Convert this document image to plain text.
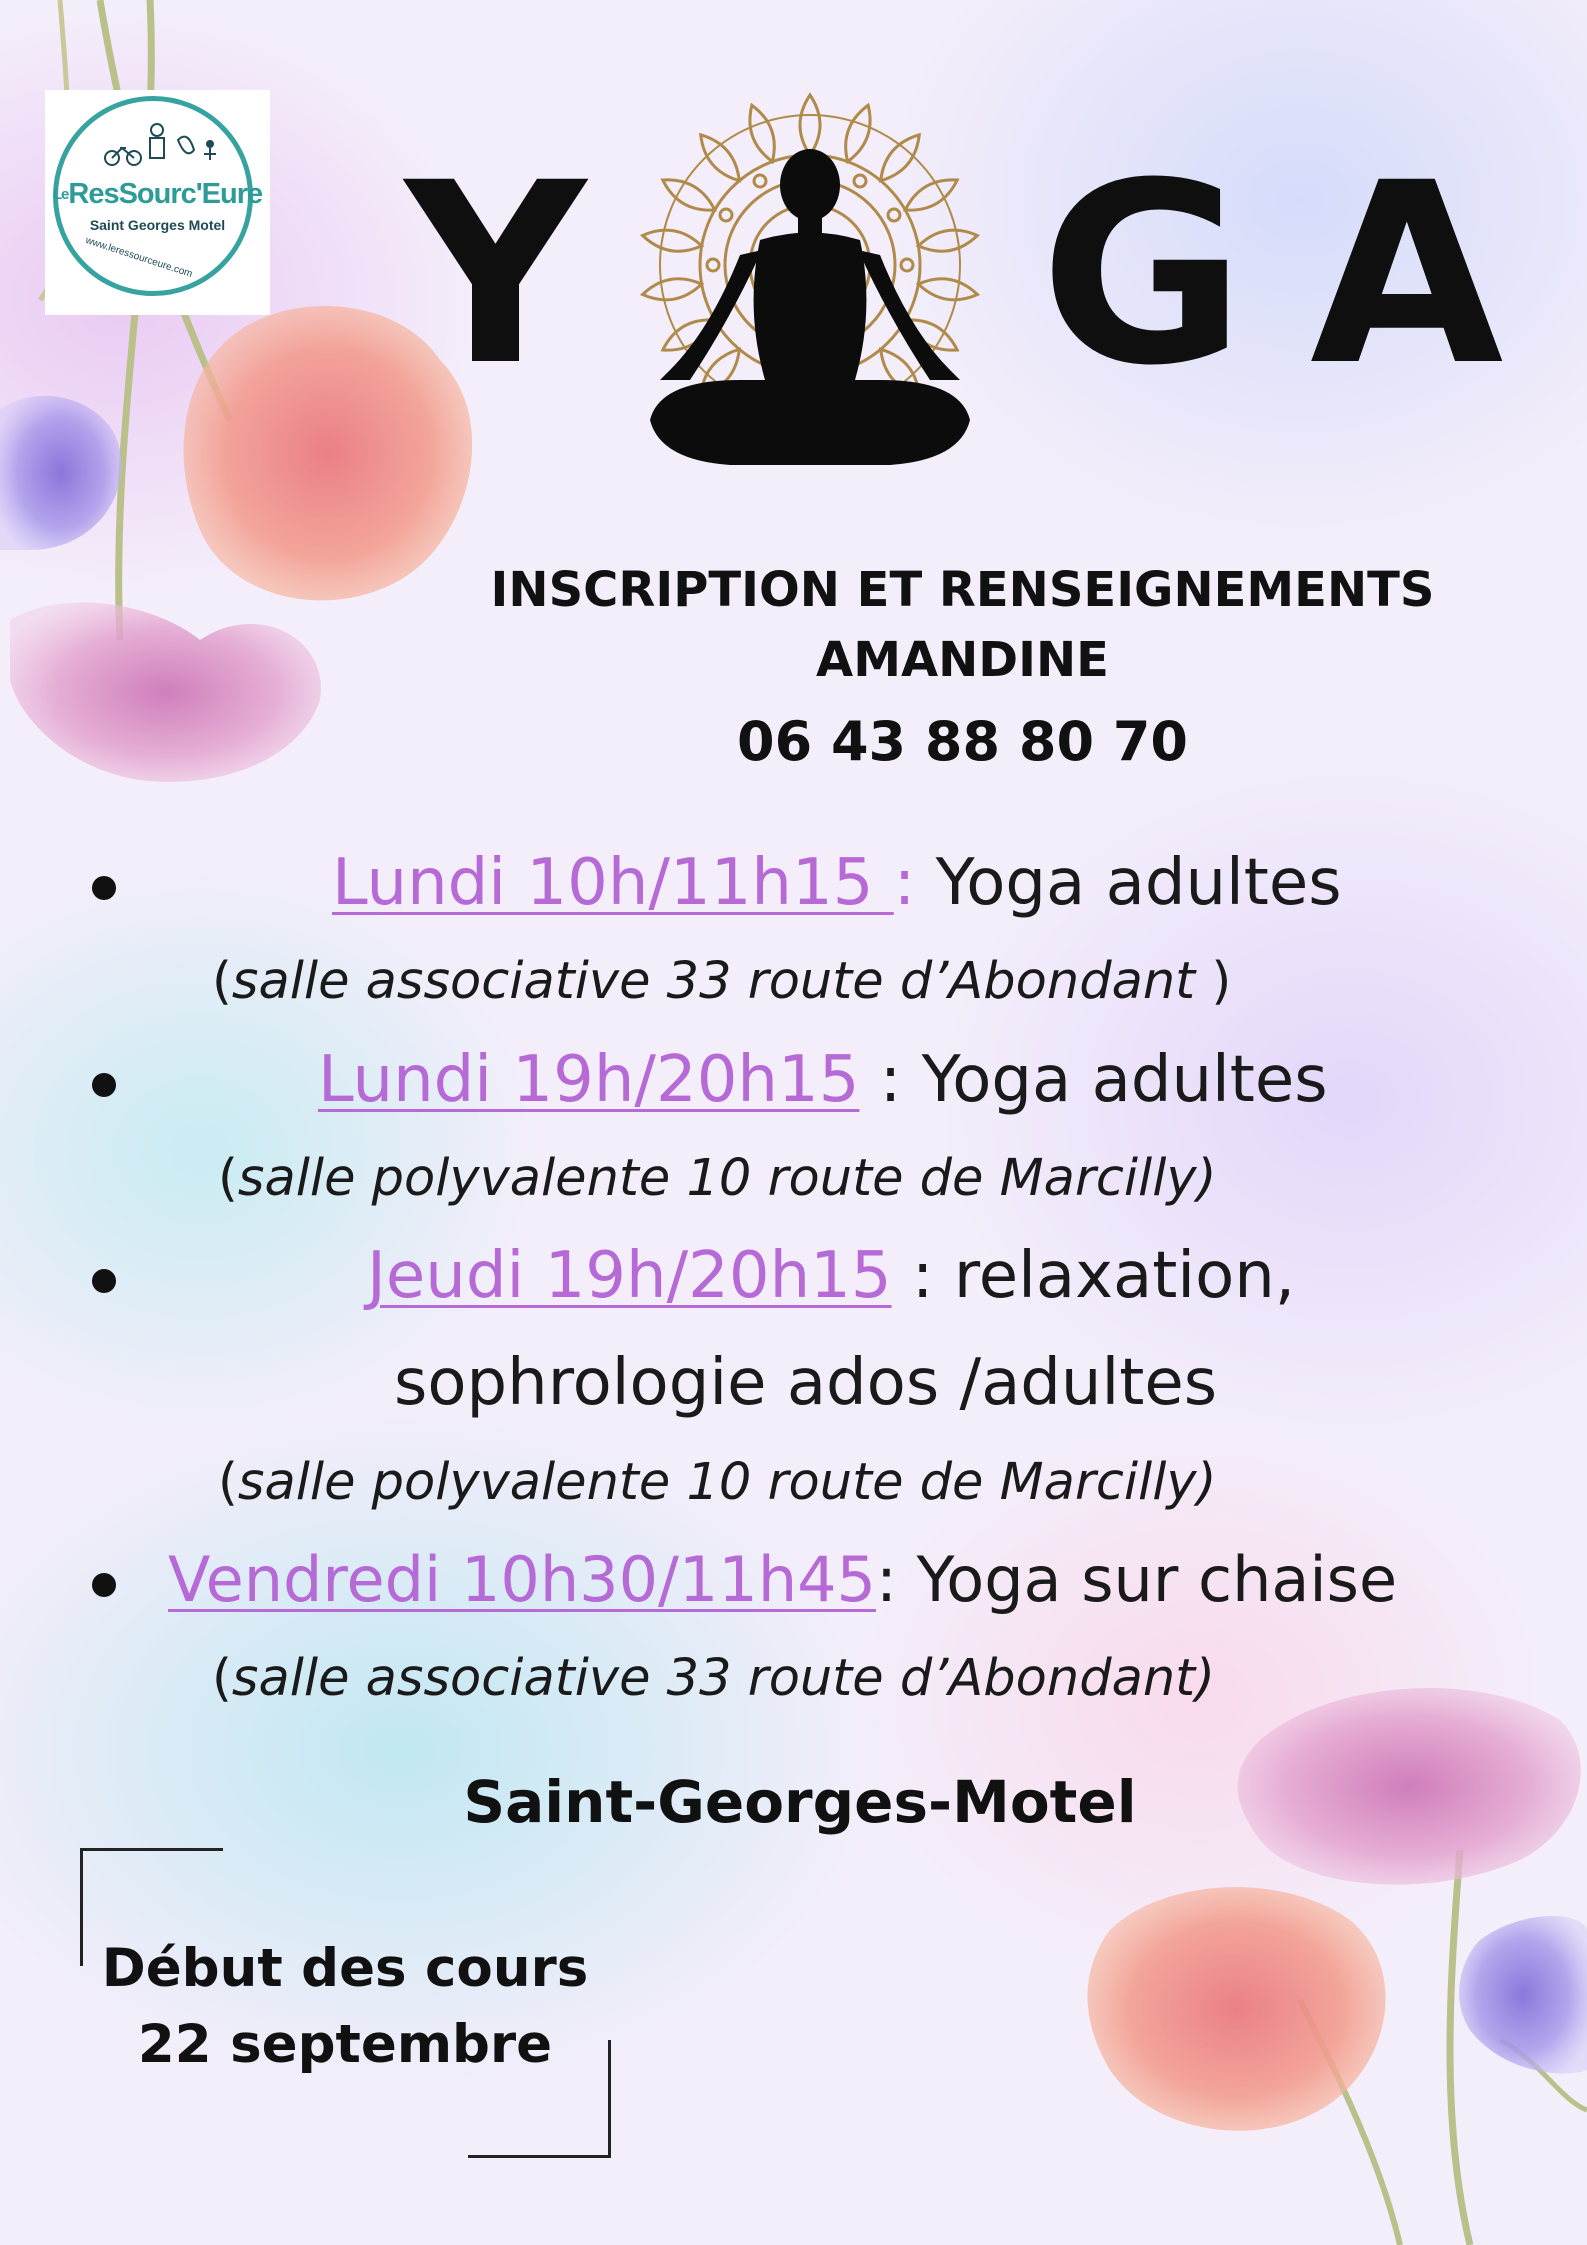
LeResSourc'Eure
Saint Georges Motel
www.leressourceure.com Y G A
INSCRIPTION ET RENSEIGNEMENTS
AMANDINE
06 43 88 80 70
Lundi 10h/11h15 : Yoga adultes
(salle associative 33 route d’Abondant )
Lundi 19h/20h15 : Yoga adultes
(salle polyvalente 10 route de Marcilly)
Jeudi 19h/20h15 : relaxation,
sophrologie ados /adultes
(salle polyvalente 10 route de Marcilly)
Vendredi 10h30/11h45: Yoga sur chaise
(salle associative 33 route d’Abondant)
Saint-Georges-Motel
Début des cours
22 septembre
